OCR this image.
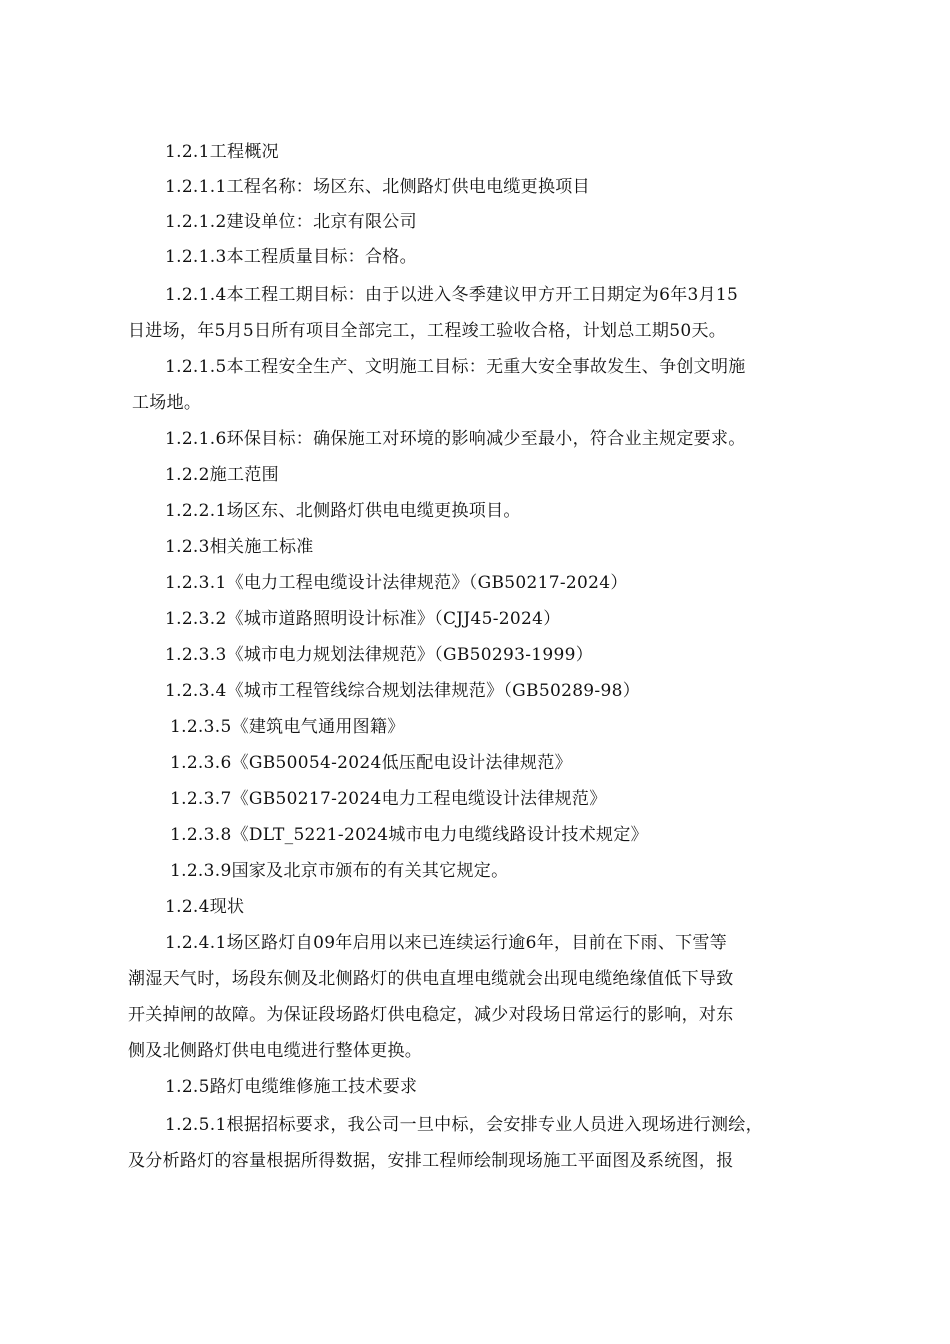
1.2.1工程概况

1.2.1.1工程名称：场区东、北侧路灯供电电缆更换项目

1.2.1.2建设单位：北京有限公司

1.2.1.3本工程质量目标：合格。

1.2.1.4本工程工期目标：由于以进入冬季建议甲方开工日期定为6年3月15

日进场，年5月5日所有项目全部完工，工程竣工验收合格，计划总工期50天。

1.2.1.5本工程安全生产、文明施工目标：无重大安全事故发生、争创文明施

工场地。

1.2.1.6环保目标：确保施工对环境的影响减少至最小，符合业主规定要求。

1.2.2施工范围

1.2.2.1场区东、北侧路灯供电电缆更换项目。

1.2.3相关施工标准

1.2.3.1《电力工程电缆设计法律规范》（GB50217-2024）

1.2.3.2《城市道路照明设计标准》（CJJ45-2024）

1.2.3.3《城市电力规划法律规范》（GB50293-1999）

1.2.3.4《城市工程管线综合规划法律规范》（GB50289-98）

1.2.3.5《建筑电气通用图籍》

1.2.3.6《GB50054-2024低压配电设计法律规范》

1.2.3.7《GB50217-2024电力工程电缆设计法律规范》

1.2.3.8《DLT_5221-2024城市电力电缆线路设计技术规定》

1.2.3.9国家及北京市颁布的有关其它规定。

1.2.4现状

1.2.4.1场区路灯自09年启用以来已连续运行逾6年，目前在下雨、下雪等

潮湿天气时，场段东侧及北侧路灯的供电直埋电缆就会出现电缆绝缘值低下导致

开关掉闸的故障。为保证段场路灯供电稳定，减少对段场日常运行的影响，对东

侧及北侧路灯供电电缆进行整体更换。

1.2.5路灯电缆维修施工技术要求

1.2.5.1根据招标要求，我公司一旦中标，会安排专业人员进入现场进行测绘，

及分析路灯的容量根据所得数据，安排工程师绘制现场施工平面图及系统图，报
